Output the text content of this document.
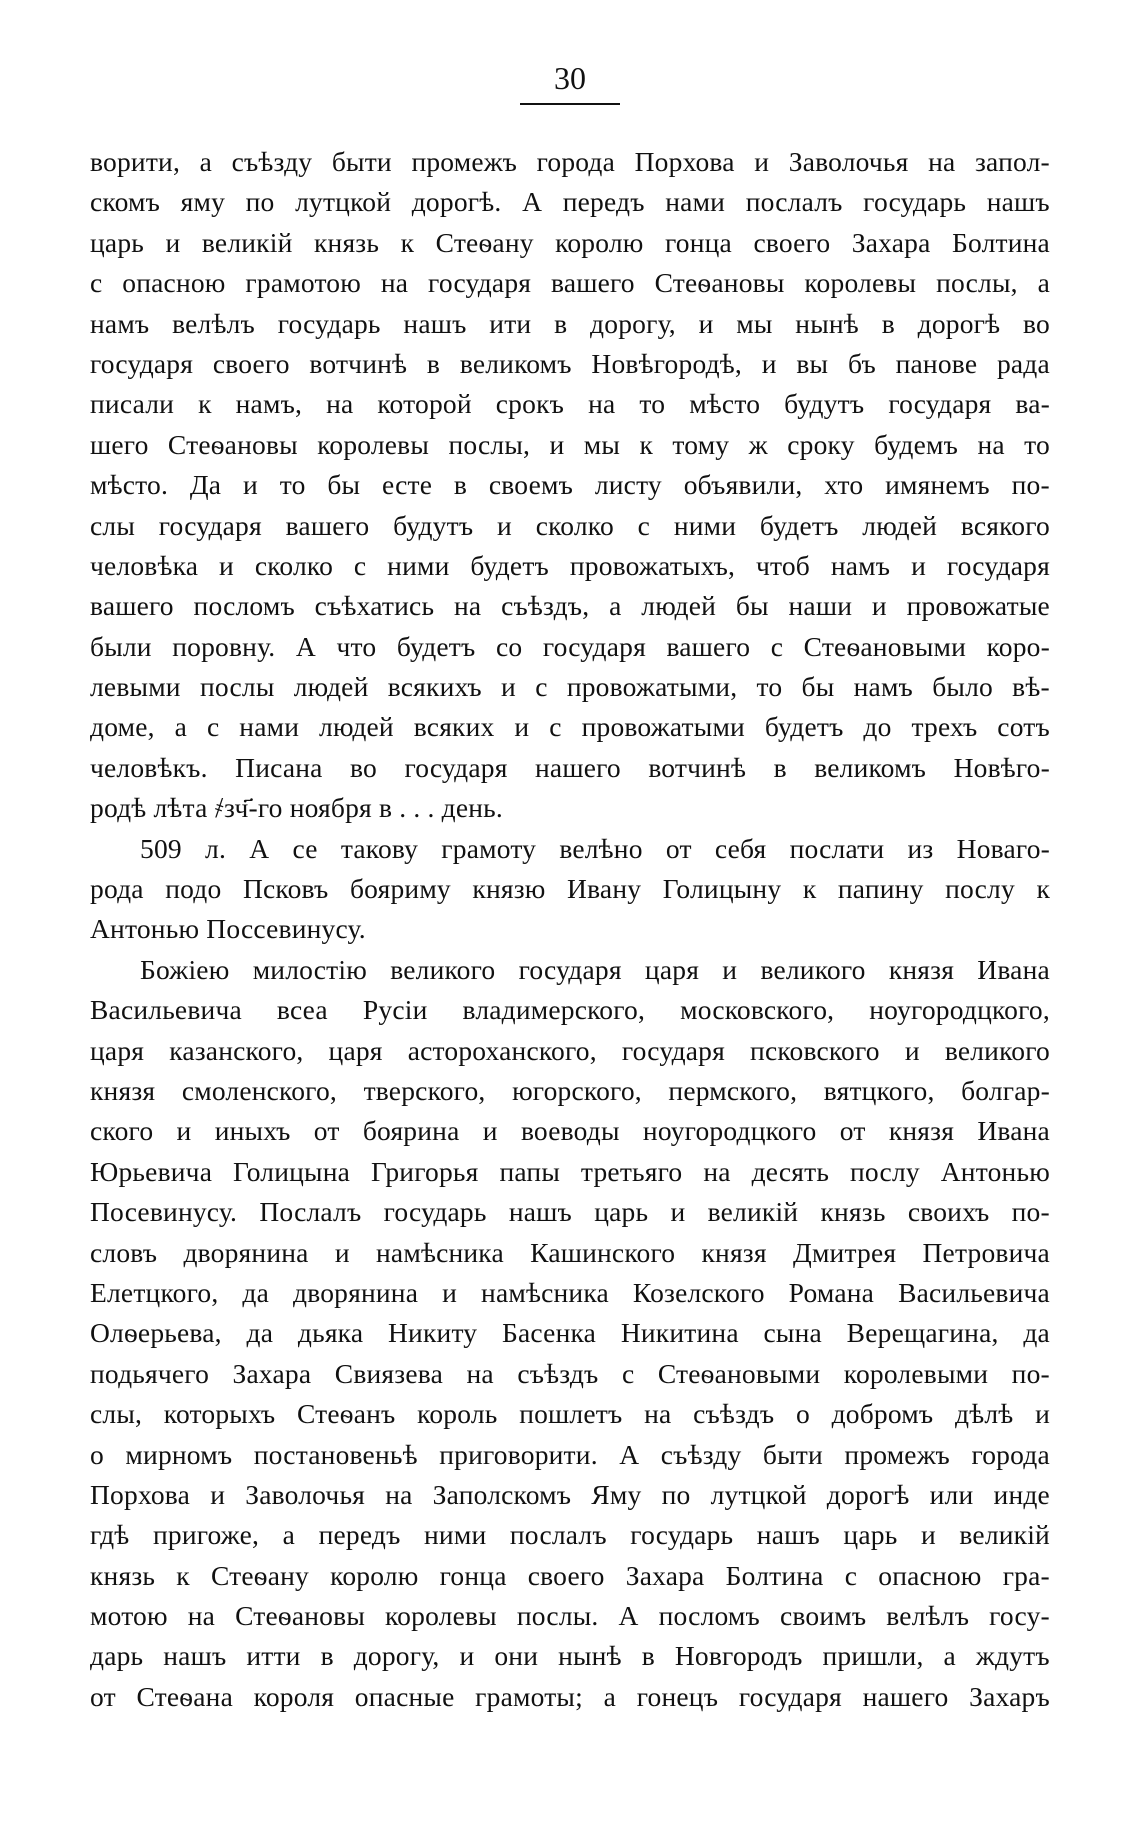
30
ворити, а съѣзду быти промежъ города Порхова и Заволочья на запол-
скомъ яму по лутцкой дорогѣ. А передъ нами послалъ государь нашъ
царь и великій князь к Стеѳану королю гонца своего Захара Болтина
с опасною грамотою на государя вашего Стеѳановы королевы послы, а
намъ велѣлъ государь нашъ ити в дорогу, и мы нынѣ в дорогѣ во
государя своего вотчинѣ в великомъ Новѣгородѣ, и вы бъ панове рада
писали к намъ, на которой срокъ на то мѣсто будутъ государя ва-
шего Стеѳановы королевы послы, и мы к тому ж сроку будемъ на то
мѣсто. Да и то бы есте в своемъ листу объявили, хто имянемъ по-
слы государя вашего будутъ и сколко с ними будетъ людей всякого
человѣка и сколко с ними будетъ провожатыхъ, чтоб намъ и государя
вашего посломъ съѣхатись на съѣздъ, а людей бы наши и провожатые
были поровну. А что будетъ со государя вашего с Стеѳановыми коро-
левыми послы людей всякихъ и с провожатыми, то бы намъ было вѣ-
доме, а с нами людей всяких и с провожатыми будетъ до трехъ сотъ
человѣкъ. Писана во государя нашего вотчинѣ в великомъ Новѣго-
родѣ лѣта ҂зч҃-го ноября в . . . день.
509 л. А се такову грамоту велѣно от себя послати из Новаго-
рода подо Псковъ бояриму князю Ивану Голицыну к папину послу к
Антонью Поссевинусу.
Божіею милостію великого государя царя и великого князя Ивана
Васильевича всеа Русіи владимерского, московского, ноугородцкого,
царя казанского, царя астороханского, государя псковского и великого
князя смоленского, тверского, югорского, пермского, вятцкого, болгар-
ского и иныхъ от боярина и воеводы ноугородцкого от князя Ивана
Юрьевича Голицына Григорья папы третьяго на десять послу Антонью
Посевинусу. Послалъ государь нашъ царь и великій князь своихъ по-
словъ дворянина и намѣсника Кашинского князя Дмитрея Петровича
Елетцкого, да дворянина и намѣсника Козелского Романа Васильевича
Олѳерьева, да дьяка Никиту Басенка Никитина сына Верещагина, да
подьячего Захара Свиязева на съѣздъ с Стеѳановыми королевыми по-
слы, которыхъ Стеѳанъ король пошлетъ на съѣздъ о добромъ дѣлѣ и
о мирномъ постановеньѣ приговорити. А съѣзду быти промежъ города
Порхова и Заволочья на Заполскомъ Яму по лутцкой дорогѣ или инде
гдѣ пригоже, а передъ ними послалъ государь нашъ царь и великій
князь к Стеѳану королю гонца своего Захара Болтина с опасною гра-
мотою на Стеѳановы королевы послы. А посломъ своимъ велѣлъ госу-
дарь нашъ итти в дорогу, и они нынѣ в Новгородъ пришли, а ждутъ
от Стеѳана короля опасные грамоты; а гонецъ государя нашего Захаръ
